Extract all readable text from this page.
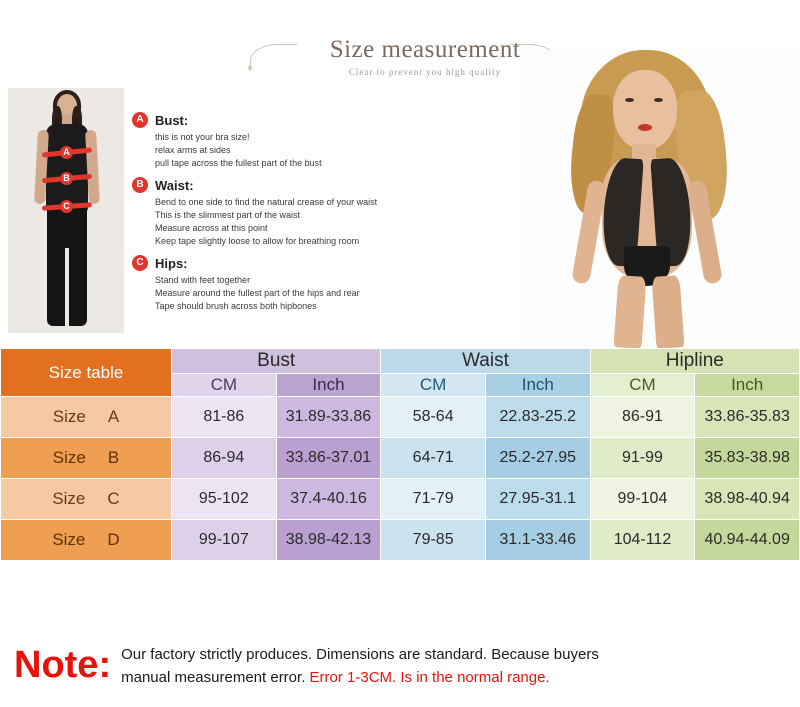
Size measurement
Clear to prevent you high quality
A
B
C
A Bust:
this is not your bra size!
relax arms at sides
pull tape across the fullest part of the bust
B Waist:
Bend to one side to find the natural crease of your waist
This is the slimmest part of the waist
Measure across at this point
Keep tape slightly loose to allow for breathing room
C Hips:
Stand with feet together
Measure around the fullest part of the hips and rear
Tape should brush across both hipbones
Size table	Bust		Waist		Hipline	
	CM	Inch	CM	Inch	CM	Inch
Size A	81-86	31.89-33.86	58-64	22.83-25.2	86-91	33.86-35.83
Size B	86-94	33.86-37.01	64-71	25.2-27.95	91-99	35.83-38.98
Size C	95-102	37.4-40.16	71-79	27.95-31.1	99-104	38.98-40.94
Size D	99-107	38.98-42.13	79-85	31.1-33.46	104-112	40.94-44.09
Note: Our factory strictly produces. Dimensions are standard. Because buyers
manual measurement error. Error 1-3CM. Is in the normal range.
